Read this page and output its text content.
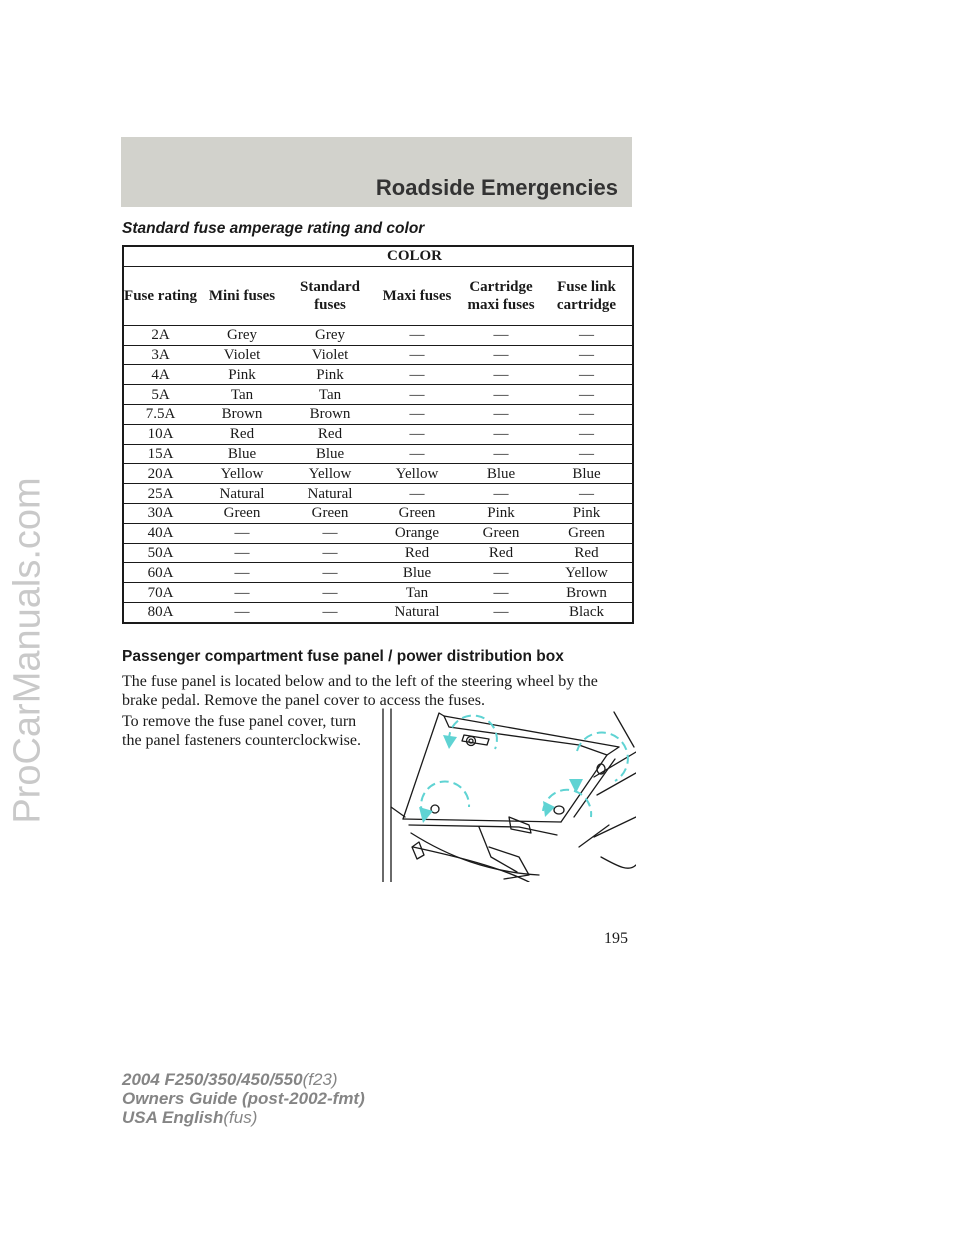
ProCarManuals.com
Roadside Emergencies
Standard fuse amperage rating and color
	COLOR				
Fuse rating	Mini fuses	Standard fuses	Maxi fuses	Cartridge maxi fuses	Fuse link cartridge
2A	Grey	Grey	—	—	—
3A	Violet	Violet	—	—	—
4A	Pink	Pink	—	—	—
5A	Tan	Tan	—	—	—
7.5A	Brown	Brown	—	—	—
10A	Red	Red	—	—	—
15A	Blue	Blue	—	—	—
20A	Yellow	Yellow	Yellow	Blue	Blue
25A	Natural	Natural	—	—	—
30A	Green	Green	Green	Pink	Pink
40A	—	—	Orange	Green	Green
50A	—	—	Red	Red	Red
60A	—	—	Blue	—	Yellow
70A	—	—	Tan	—	Brown
80A	—	—	Natural	—	Black
Passenger compartment fuse panel / power distribution box
The fuse panel is located below and to the left of the steering wheel by the brake pedal. Remove the panel cover to access the fuses.
To remove the fuse panel cover, turn the panel fasteners counterclockwise.
195
2004 F250/350/450/550(f23)
Owners Guide (post-2002-fmt)
USA English(fus)
